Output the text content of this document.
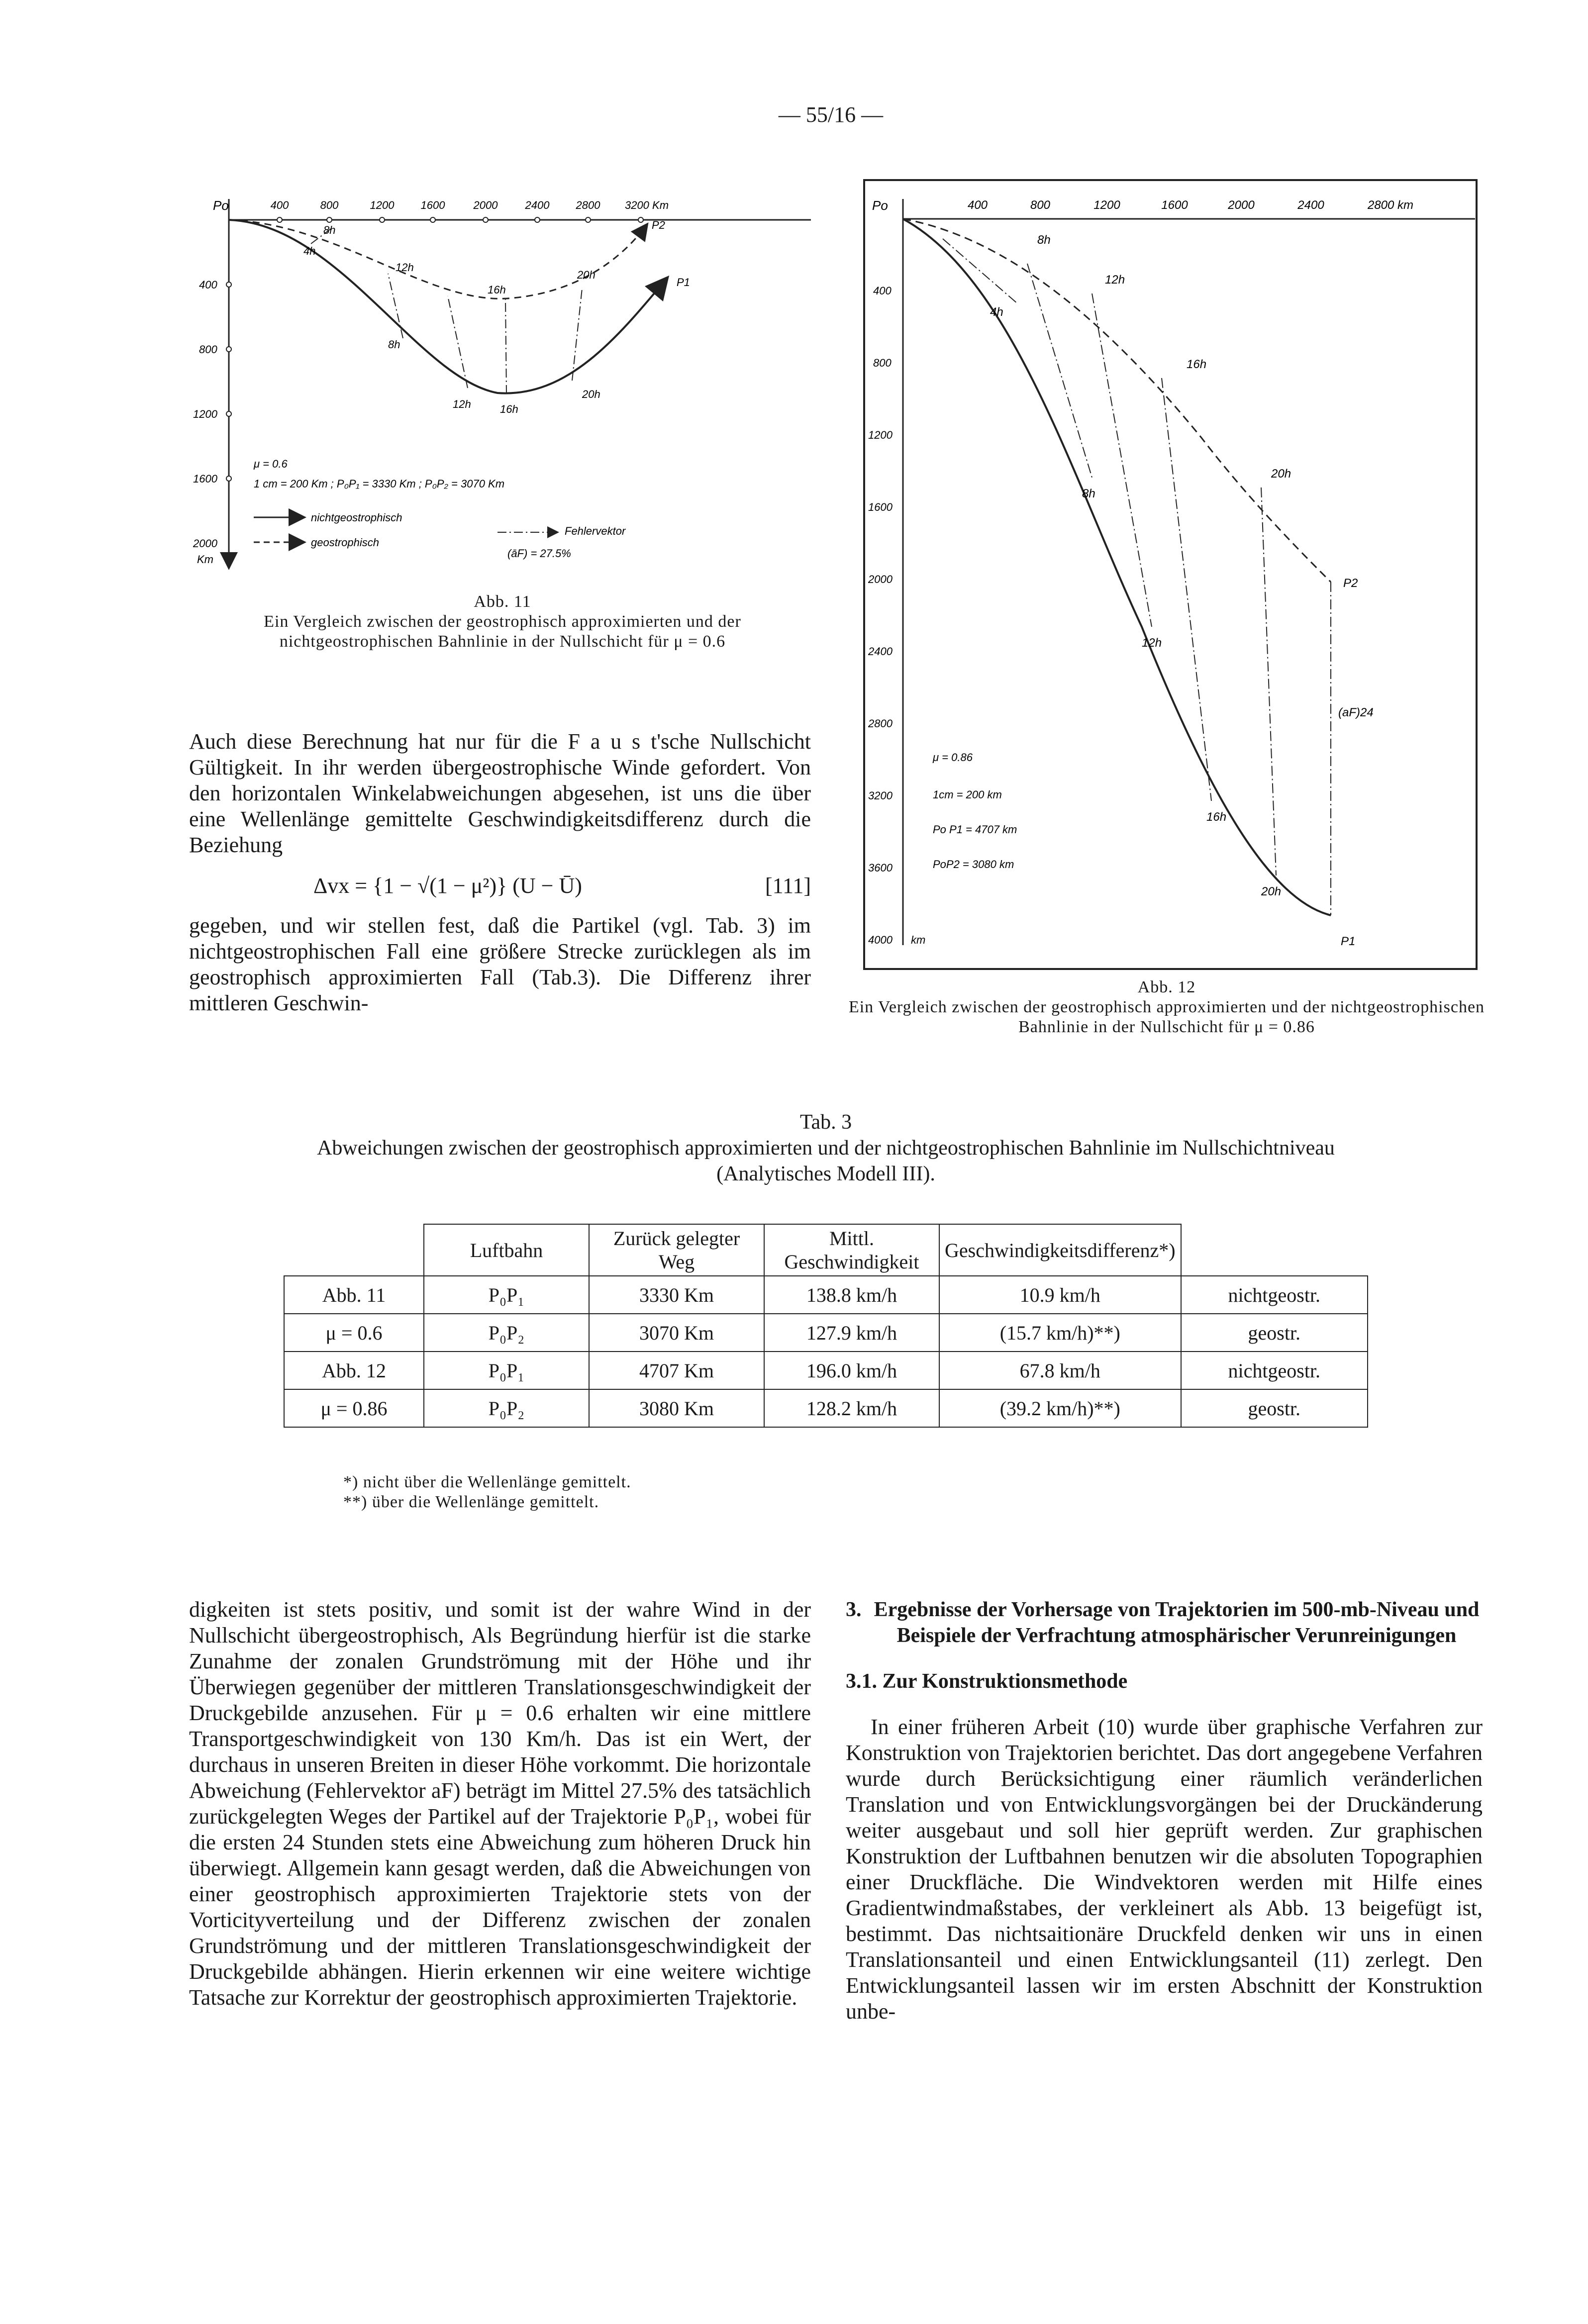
— 55/16 —
Po	400	800	1200 1600	2000	2400 2800 3200 Km
400
800
1200
1600
2000
Km
4h
8h
12h	16h
20h
8h
12h
16h
20h
P1
P2
μ = 0.6
1 cm = 200 Km ; P₀P₁ = 3330 Km ; P₀P₂ = 3070 Km
nichtgeostrophisch
geostrophisch
Fehlervektor
(āF) = 27.5%
Abb. 11
Ein Vergleich zwischen der geostrophisch approximierten und der nichtgeostrophischen Bahnlinie in der Nullschicht für μ = 0.6
Po	400	800	1200	1600	2000	2400	2800 km
400
800
1200
1600
2000
2400
2800
3200
3600
4000 km
4h
8h
12h
16h
20h
8h
12h
16h
20h
P1
P2
(aF)24
μ = 0.86
1cm = 200 km
Po P1 = 4707 km
PoP2 = 3080 km
Abb. 12
Ein Vergleich zwischen der geostrophisch approximierten und der nichtgeostrophischen Bahnlinie in der Nullschicht für μ = 0.86

Auch diese Berechnung hat nur für die F a u s t'sche Nullschicht Gültigkeit. In ihr werden übergeostrophische Winde gefordert. Von den horizontalen Winkelabweichungen abgesehen, ist uns die über eine Wellenlänge gemittelte Geschwindigkeitsdifferenz durch die Beziehung

Δvx = {1 − √(1 − μ²)} (U − Ū)	[111]

gegeben, und wir stellen fest, daß die Partikel (vgl. Tab. 3) im nichtgeostrophischen Fall eine größere Strecke zurücklegen als im geostrophisch approximierten Fall (Tab.3). Die Differenz ihrer mittleren Geschwin-

Tab. 3
Abweichungen zwischen der geostrophisch approximierten und der nichtgeostrophischen Bahnlinie im Nullschichtniveau (Analytisches Modell III).
	Luftbahn	Zurück gelegter Weg	Mittl. Geschwindigkeit	Geschwindigkeitsdifferenz*)	
Abb. 11	P₀P₁	3330 Km	138.8 km/h	10.9 km/h	nichtgeostr.
μ = 0.6	P₀P₂	3070 Km	127.9 km/h	(15.7 km/h)**)	geostr.
Abb. 12	P₀P₁	4707 Km	196.0 km/h	67.8 km/h	nichtgeostr.
μ = 0.86	P₀P₂	3080 Km	128.2 km/h	(39.2 km/h)**)	geostr.
*) nicht über die Wellenlänge gemittelt.
**) über die Wellenlänge gemittelt.

digkeiten ist stets positiv, und somit ist der wahre Wind in der Nullschicht übergeostrophisch, Als Begründung hierfür ist die starke Zunahme der zonalen Grundströmung mit der Höhe und ihr Überwiegen gegenüber der mittleren Translationsgeschwindigkeit der Druckgebilde anzusehen. Für μ = 0.6 erhalten wir eine mittlere Transportgeschwindigkeit von 130 Km/h. Das ist ein Wert, der durchaus in unseren Breiten in dieser Höhe vorkommt. Die horizontale Abweichung (Fehlervektor aF) beträgt im Mittel 27.5% des tatsächlich zurückgelegten Weges der Partikel auf der Trajektorie P₀P₁, wobei für die ersten 24 Stunden stets eine Abweichung zum höheren Druck hin überwiegt. Allgemein kann gesagt werden, daß die Abweichungen von einer geostrophisch approximierten Trajektorie stets von der Vorticityverteilung und der Differenz zwischen der zonalen Grundströmung und der mittleren Translationsgeschwindigkeit der Druckgebilde abhängen. Hierin erkennen wir eine weitere wichtige Tatsache zur Korrektur der geostrophisch approximierten Trajektorie.

3. Ergebnisse der Vorhersage von Trajektorien im 500-mb-Niveau und Beispiele der Verfrachtung atmosphärischer Verunreinigungen
3.1. Zur Konstruktionsmethode

In einer früheren Arbeit (10) wurde über graphische Verfahren zur Konstruktion von Trajektorien berichtet. Das dort angegebene Verfahren wurde durch Berücksichtigung einer räumlich veränderlichen Translation und von Entwicklungsvorgängen bei der Druckänderung weiter ausgebaut und soll hier geprüft werden. Zur graphischen Konstruktion der Luftbahnen benutzen wir die absoluten Topographien einer Druckfläche. Die Windvektoren werden mit Hilfe eines Gradientwindmaßstabes, der verkleinert als Abb. 13 beigefügt ist, bestimmt. Das nichtsaitionäre Druckfeld denken wir uns in einen Translationsanteil und einen Entwicklungsanteil (11) zerlegt. Den Entwicklungsanteil lassen wir im ersten Abschnitt der Konstruktion unbe-
